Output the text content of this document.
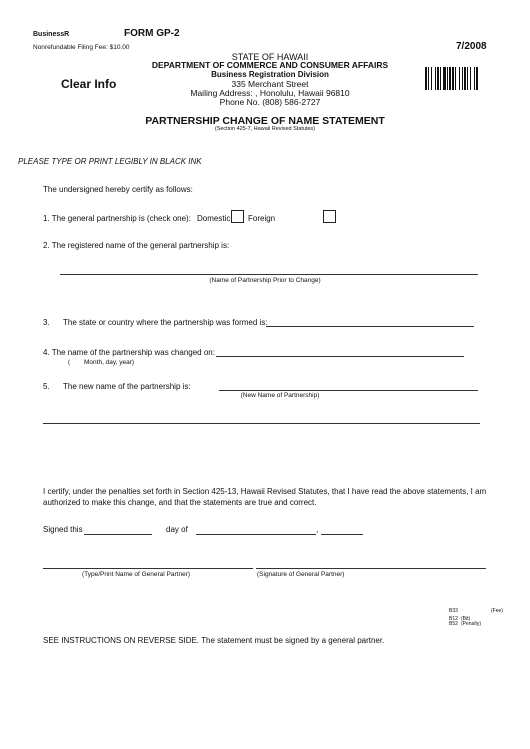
BusinessR	FORM GP-2
Nonrefundable Filing Fee: $10.00	7/2008
Clear Info
STATE OF HAWAII
DEPARTMENT OF COMMERCE AND CONSUMER AFFAIRS
Business Registration Division
335 Merchant Street
Mailing Address: , Honolulu, Hawaii 96810
Phone No. (808) 586-2727
PARTNERSHIP CHANGE OF NAME STATEMENT
(Section 425-7, Hawaii Revised Statutes)
PLEASE TYPE OR PRINT LEGIBLY IN BLACK INK
The undersigned hereby certify as follows:
1. The general partnership is (check one): Domestic Foreign
2. The registered name of the general partnership is:
(Name of Partnership Prior to Change)
3. The state or country where the partnership was formed is:
4. The name of the partnership was changed on:
( Month, day, year)
5. The new name of the partnership is:
(New Name of Partnership)
I certify, under the penalties set forth in Section 425-13, Hawaii Revised Statutes, that I have read the above statements, I am
authorized to make this change, and that the statements are true and correct.
Signed this	day of	,
(Type/Print Name of General Partner)	(Signature of General Partner)
B33	(Fee)
B12 (Bit)
B52 (Penalty)
SEE INSTRUCTIONS ON REVERSE SIDE. The statement must be signed by a general partner.
